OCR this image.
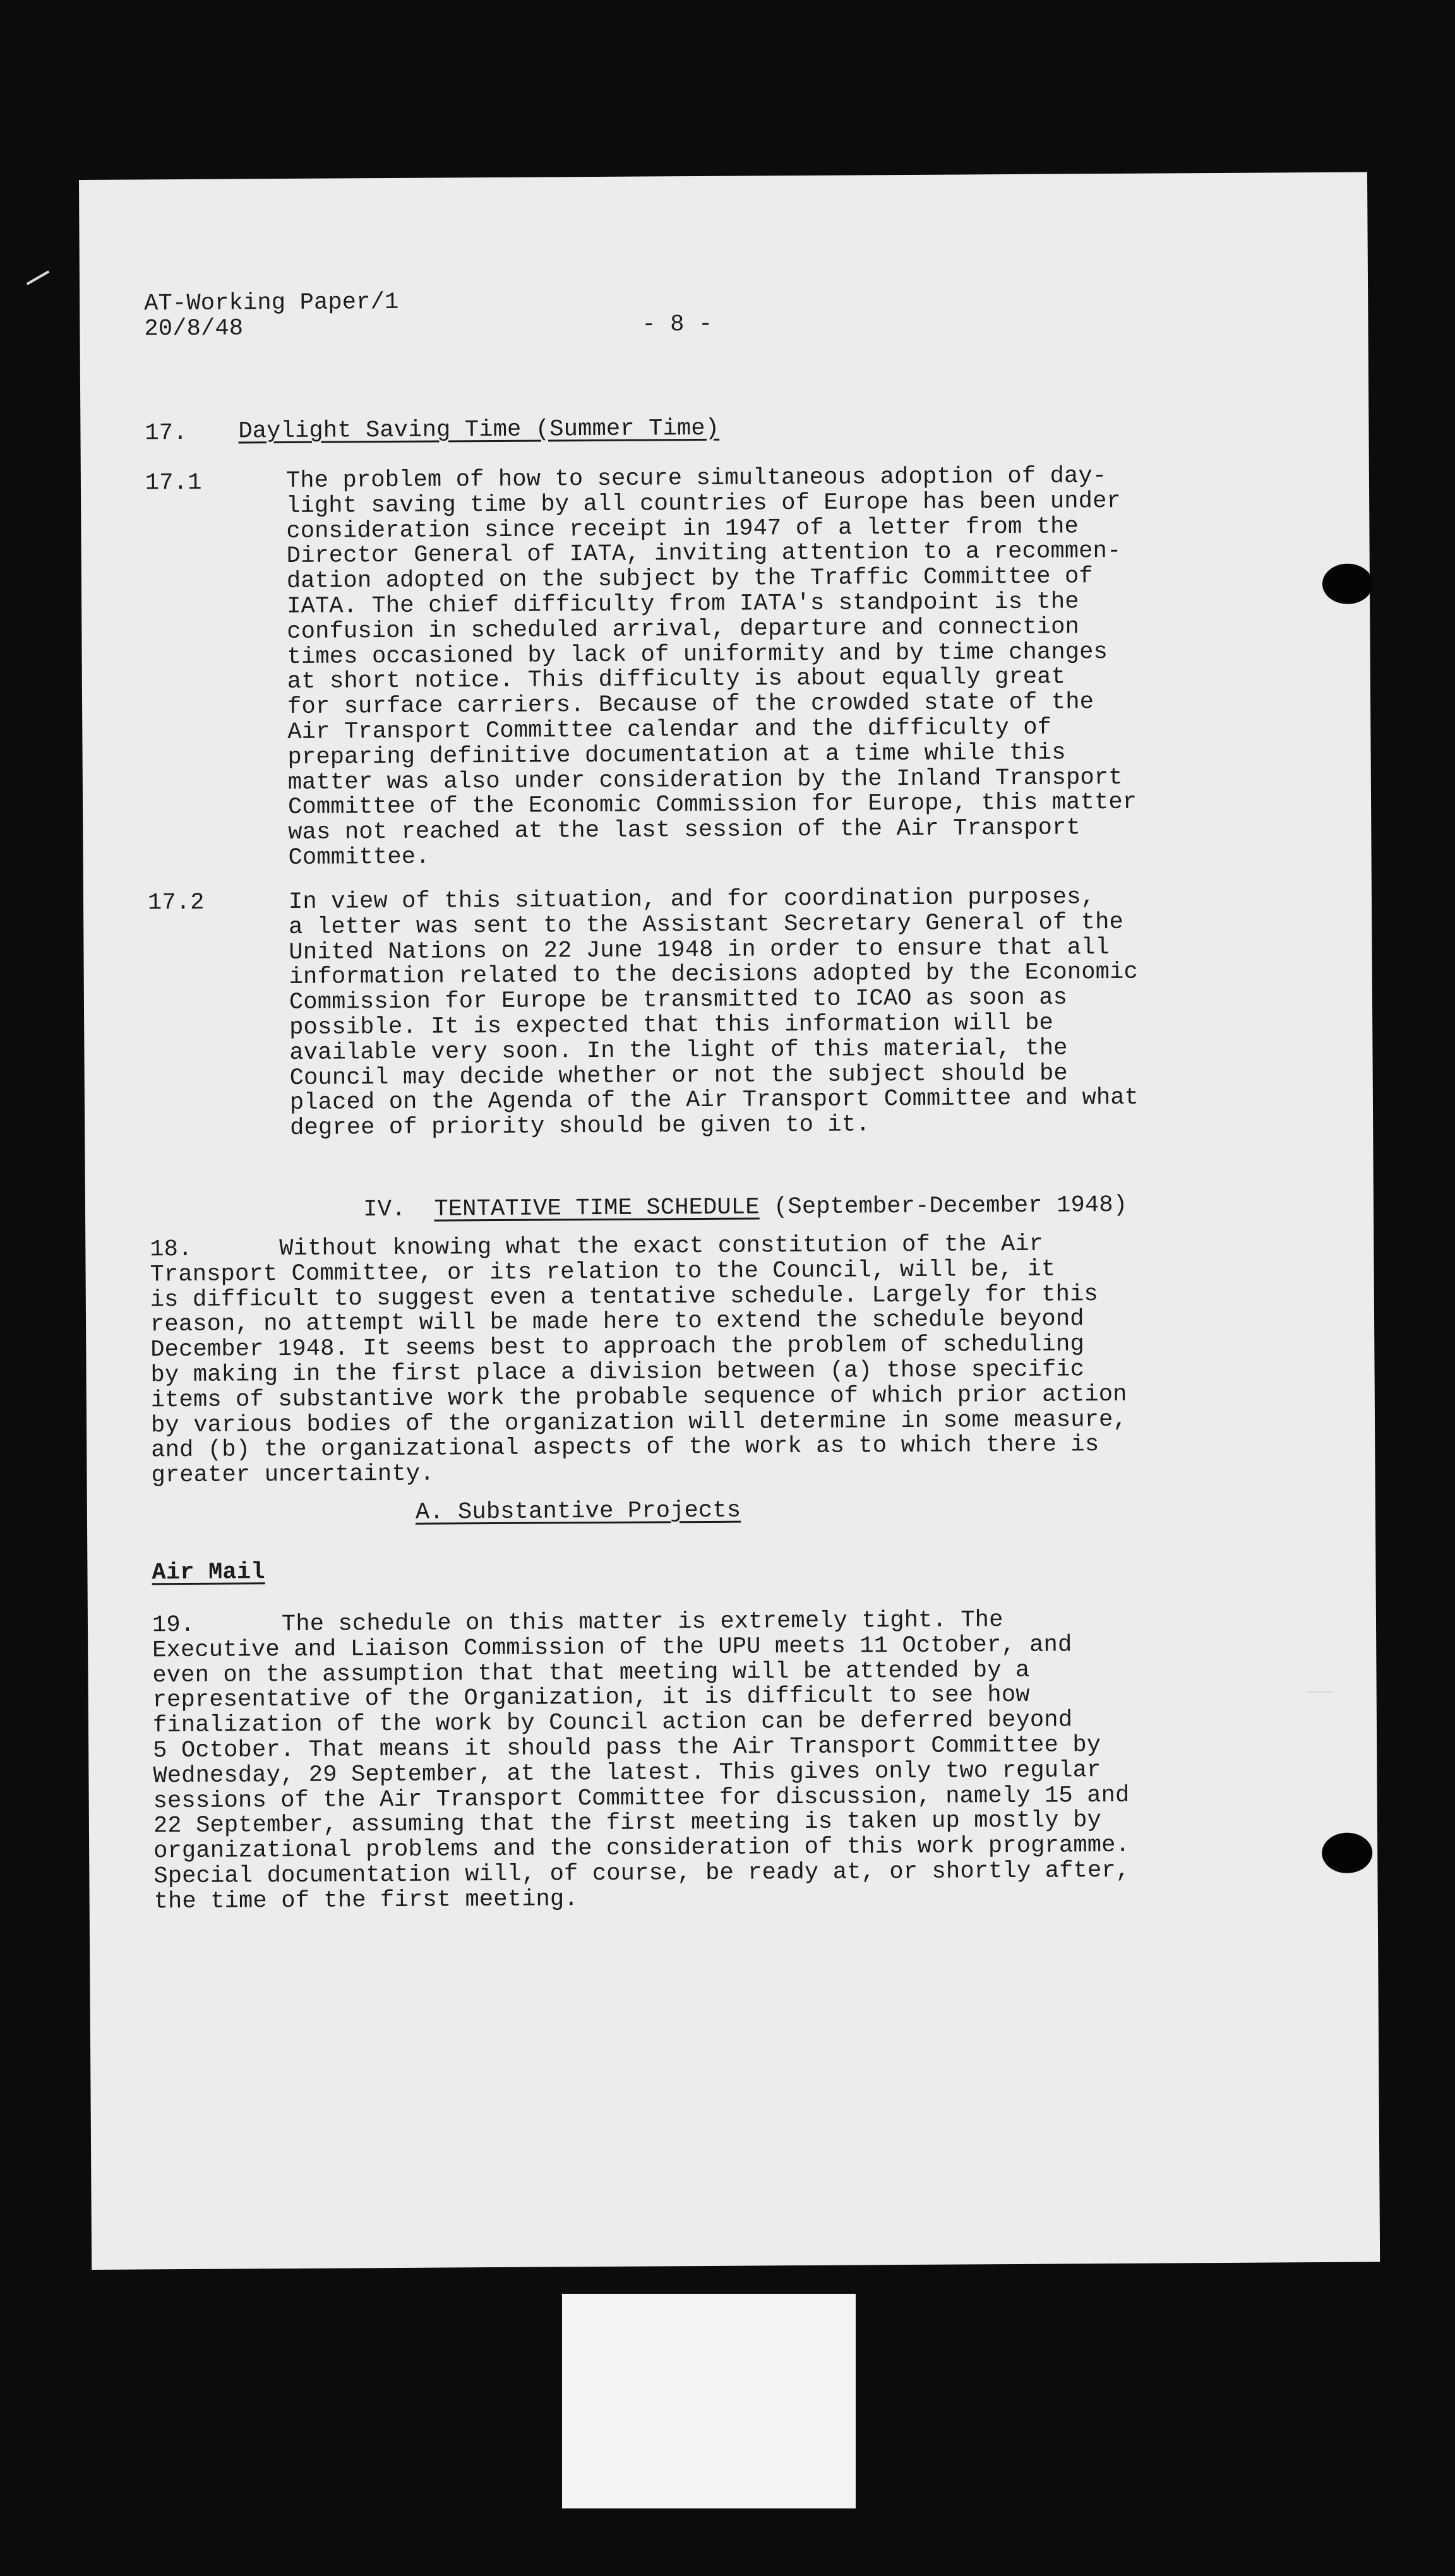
AT-Working Paper/1
20/8/48	- 8 -
17. Daylight Saving Time (Summer Time)
17.1	The problem of how to secure simultaneous adoption of day-
light saving time by all countries of Europe has been under
consideration since receipt in 1947 of a letter from the
Director General of IATA, inviting attention to a recommen-
dation adopted on the subject by the Traffic Committee of
IATA. The chief difficulty from IATA's standpoint is the
confusion in scheduled arrival, departure and connection
times occasioned by lack of uniformity and by time changes
at short notice. This difficulty is about equally great
for surface carriers. Because of the crowded state of the
Air Transport Committee calendar and the difficulty of
preparing definitive documentation at a time while this
matter was also under consideration by the Inland Transport
Committee of the Economic Commission for Europe, this matter
was not reached at the last session of the Air Transport
Committee.
17.2	In view of this situation, and for coordination purposes,
a letter was sent to the Assistant Secretary General of the
United Nations on 22 June 1948 in order to ensure that all
information related to the decisions adopted by the Economic
Commission for Europe be transmitted to ICAO as soon as
possible. It is expected that this information will be
available very soon. In the light of this material, the
Council may decide whether or not the subject should be
placed on the Agenda of the Air Transport Committee and what
degree of priority should be given to it.

IV. TENTATIVE TIME SCHEDULE (September-December 1948)

18.	Without knowing what the exact constitution of the Air
Transport Committee, or its relation to the Council, will be, it
is difficult to suggest even a tentative schedule. Largely for this
reason, no attempt will be made here to extend the schedule beyond
December 1948. It seems best to approach the problem of scheduling
by making in the first place a division between (a) those specific
items of substantive work the probable sequence of which prior action
by various bodies of the organization will determine in some measure,
and (b) the organizational aspects of the work as to which there is
greater uncertainty.
A. Substantive Projects
Air Mail
19.	The schedule on this matter is extremely tight. The
Executive and Liaison Commission of the UPU meets 11 October, and
even on the assumption that that meeting will be attended by a
representative of the Organization, it is difficult to see how
finalization of the work by Council action can be deferred beyond
5 October. That means it should pass the Air Transport Committee by
Wednesday, 29 September, at the latest. This gives only two regular
sessions of the Air Transport Committee for discussion, namely 15 and
22 September, assuming that the first meeting is taken up mostly by
organizational problems and the consideration of this work programme.
Special documentation will, of course, be ready at, or shortly after,
the time of the first meeting.
